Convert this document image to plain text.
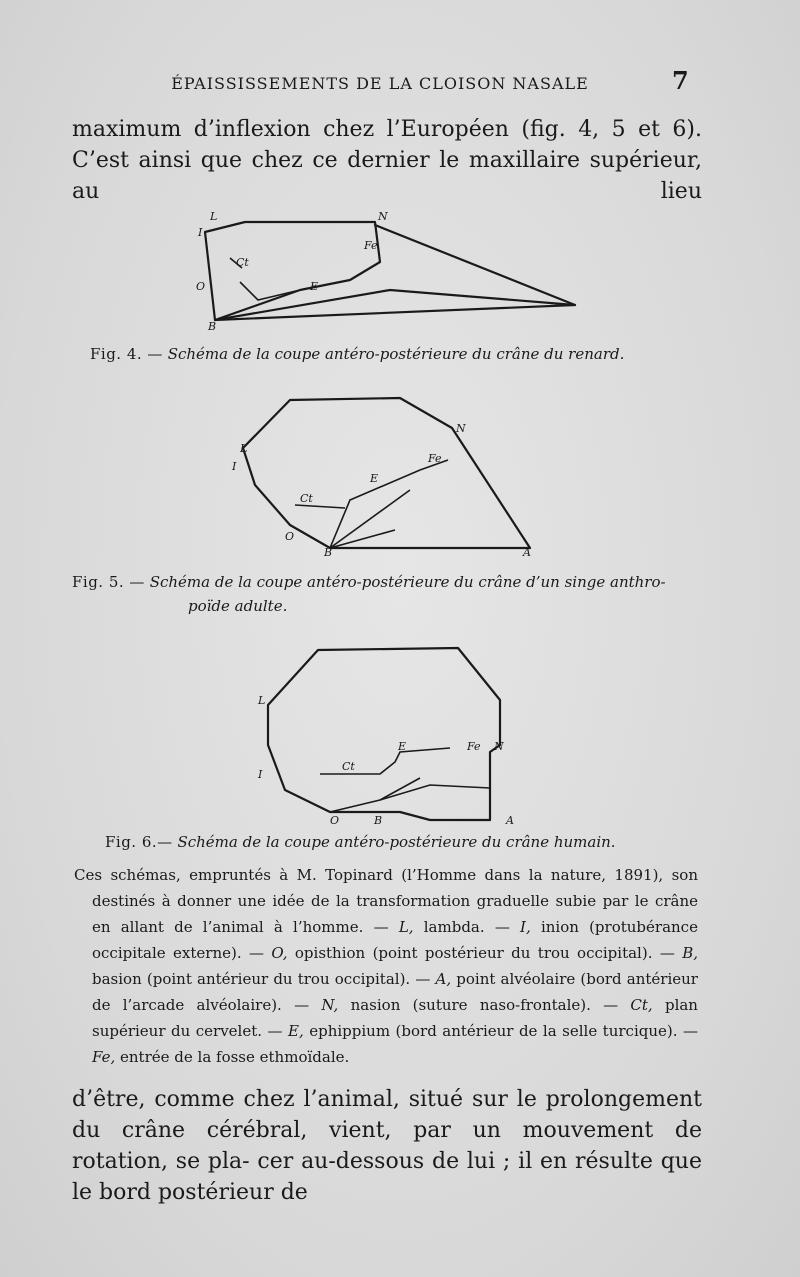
ÉPAISSISSEMENTS DE LA CLOISON NASALE	7

maximum d’inflexion chez l’Européen (fig. 4, 5 et 6). C’est ainsi que chez ce dernier le maxillaire supérieur, au lieu

L
I
N
Fe
Ct
E
O
B
L
I
N
Fe
E
Ct
O
B	A
L
I
E	Fe N
Ct
O	B	A
Fig. 4. — Schéma de la coupe antéro-postérieure du crâne du renard.
Fig. 5. — Schéma de la coupe antéro-postérieure du crâne d’un singe anthro-
poïde adulte.
Fig. 6.— Schéma de la coupe antéro-postérieure du crâne humain.

Ces schémas, empruntés à M. Topinard (l’Homme dans la nature, 1891), son destinés à donner une idée de la transformation graduelle subie par le crâne en allant de l’animal à l’homme. — L, lambda. — I, inion (protubérance occipitale externe). — O, opisthion (point postérieur du trou occipital). — B, basion (point antérieur du trou occipital). — A, point alvéolaire (bord antérieur de l’arcade alvéolaire). — N, nasion (suture naso-frontale). — Ct, plan supérieur du cervelet. — E, ephippium (bord antérieur de la selle turcique). — Fe, entrée de la fosse ethmoïdale.

d’être, comme chez l’animal, situé sur le prolongement du crâne cérébral, vient, par un mouvement de rotation, se pla- cer au-dessous de lui ; il en résulte que le bord postérieur de
